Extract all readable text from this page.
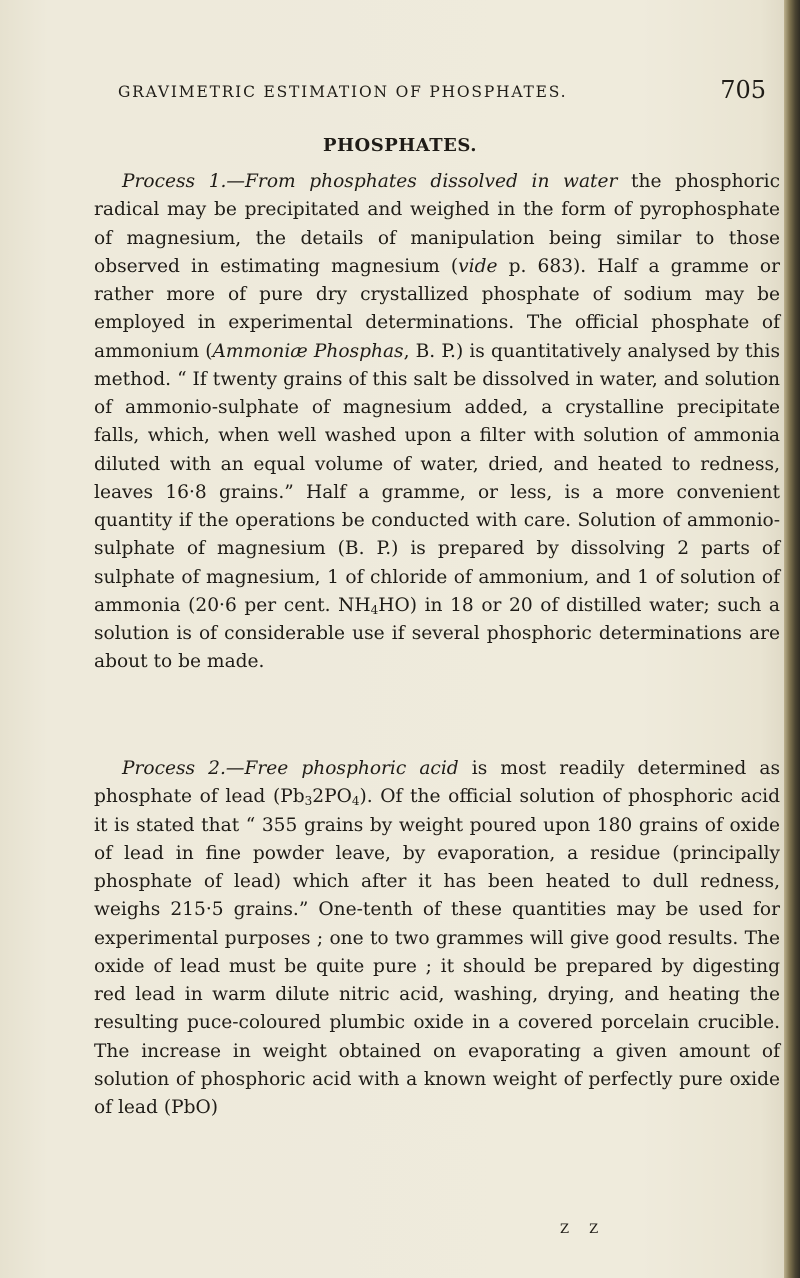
GRAVIMETRIC ESTIMATION OF PHOSPHATES.	705
PHOSPHATES.

Process 1.—From phosphates dissolved in water the phosphoric radical may be precipitated and weighed in the form of pyrophosphate of magnesium, the details of manipulation being similar to those observed in estimating magnesium (vide p. 683). Half a gramme or rather more of pure dry crystallized phosphate of sodium may be employed in experimental determinations. The official phosphate of ammonium (Ammoniæ Phosphas, B. P.) is quantitatively analysed by this method. “ If twenty grains of this salt be dissolved in water, and solution of ammonio-sulphate of magnesium added, a crystalline precipitate falls, which, when well washed upon a filter with solution of ammonia diluted with an equal volume of water, dried, and heated to redness, leaves 16·8 grains.” Half a gramme, or less, is a more convenient quantity if the operations be conducted with care. Solution of ammonio-sulphate of magnesium (B. P.) is prepared by dissolving 2 parts of sulphate of magnesium, 1 of chloride of ammonium, and 1 of solution of ammonia (20·6 per cent. $NH_4HO$) in 18 or 20 of distilled water; such a solution is of considerable use if several phosphoric determinations are about to be made.

Process 2.—Free phosphoric acid is most readily determined as phosphate of lead $(Pb_32PO_4)$. Of the official solution of phosphoric acid it is stated that “ 355 grains by weight poured upon 180 grains of oxide of lead in fine powder leave, by evaporation, a residue (principally phosphate of lead) which after it has been heated to dull redness, weighs 215·5 grains.” One-tenth of these quantities may be used for experimental purposes ; one to two grammes will give good results. The oxide of lead must be quite pure ; it should be prepared by digesting red lead in warm dilute nitric acid, washing, drying, and heating the resulting puce-coloured plumbic oxide in a covered porcelain crucible. The increase in weight obtained on evaporating a given amount of solution of phosphoric acid with a known weight of perfectly pure oxide of lead (PbO)

Z Z
